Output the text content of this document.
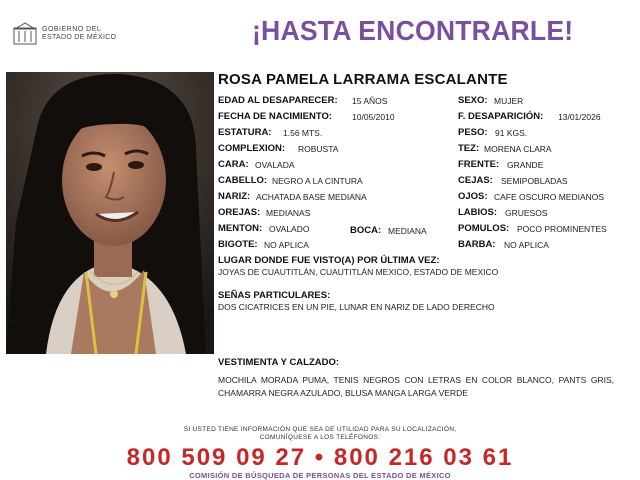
GOBIERNO DEL
ESTADO DE MÉXICO	¡HASTA ENCONTRARLE!
ROSA PAMELA LARRAMA ESCALANTE
EDAD AL DESAPARECER: 15 AÑOS
FECHA DE NACIMIENTO: 10/05/2010
ESTATURA: 1.56 MTS.
COMPLEXION: ROBUSTA
CARA: OVALADA
CABELLO: NEGRO A LA CINTURA
NARIZ: ACHATADA BASE MEDIANA
OREJAS: MEDIANAS
MENTON: OVALADO	BOCA: MEDIANA
BIGOTE: NO APLICA
SEXO: MUJER
F. DESAPARICIÓN: 13/01/2026
PESO: 91 KGS.
TEZ: MORENA CLARA
FRENTE: GRANDE
CEJAS: SEMIPOBLADAS
OJOS: CAFE OSCURO MEDIANOS
LABIOS: GRUESOS
POMULOS: POCO PROMINENTES
BARBA: NO APLICA
LUGAR DONDE FUE VISTO(A) POR ÚLTIMA VEZ:
JOYAS DE CUAUTITLÁN, CUAUTITLÁN MEXICO, ESTADO DE MEXICO
SEÑAS PARTICULARES:
DOS CICATRICES EN UN PIE, LUNAR EN NARIZ DE LADO DERECHO
VESTIMENTA Y CALZADO:
MOCHILA MORADA PUMA, TENIS NEGROS CON LETRAS EN COLOR BLANCO, PANTS GRIS, CHAMARRA NEGRA AZULADO, BLUSA MANGA LARGA VERDE
SI USTED TIENE INFORMACIÓN QUE SEA DE UTILIDAD PARA SU LOCALIZACIÓN,
COMUNÍQUESE A LOS TELÉFONOS:
800 509 09 27 • 800 216 03 61
COMISIÓN DE BÚSQUEDA DE PERSONAS DEL ESTADO DE MÉXICO
